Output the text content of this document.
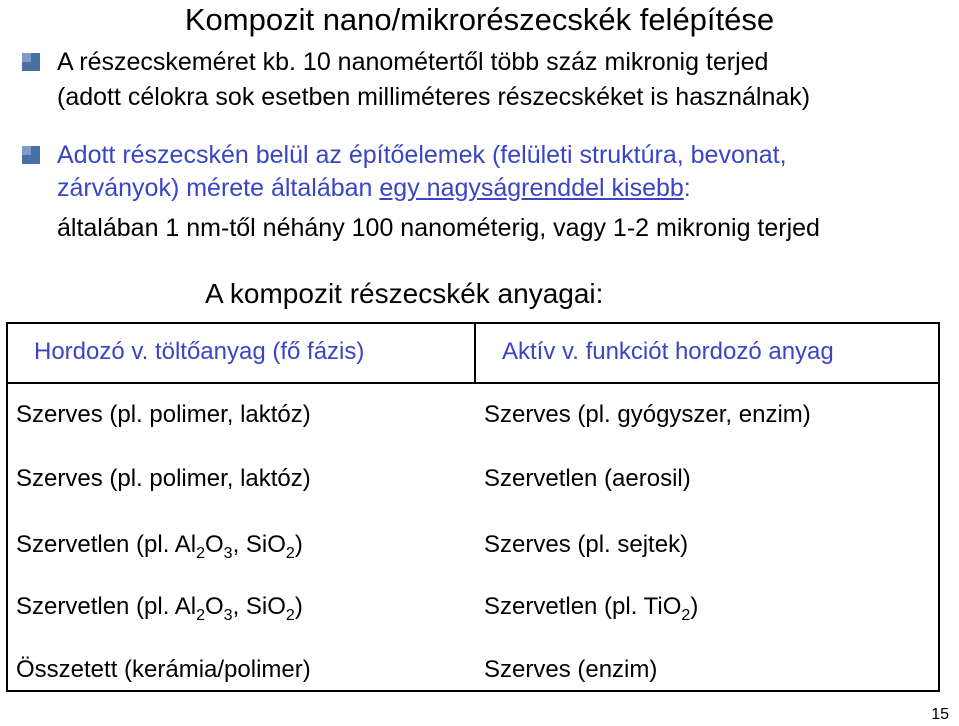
Kompozit nano/mikrorészecskék felépítése
A részecskeméret kb. 10 nanométertől több száz mikronig terjed
(adott célokra sok esetben milliméteres részecskéket is használnak)
Adott részecskén belül az építőelemek (felületi struktúra, bevonat,
zárványok) mérete általában egy nagyságrenddel kisebb:
általában 1 nm-től néhány 100 nanométerig, vagy 1-2 mikronig terjed
A kompozit részecskék anyagai:
Hordozó v. töltőanyag (fő fázis)	Aktív v. funkciót hordozó anyag
Szerves (pl. polimer, laktóz)	Szerves (pl. gyógyszer, enzim)
Szerves (pl. polimer, laktóz)	Szervetlen (aerosil)
Szervetlen (pl. $Al_2O_3$, SiO$_2$)	Szerves (pl. sejtek)
Szervetlen (pl. $Al_2O_3$, SiO$_2$)	Szervetlen (pl. TiO$_2$)
Összetett (kerámia/polimer)	Szerves (enzim)
15
